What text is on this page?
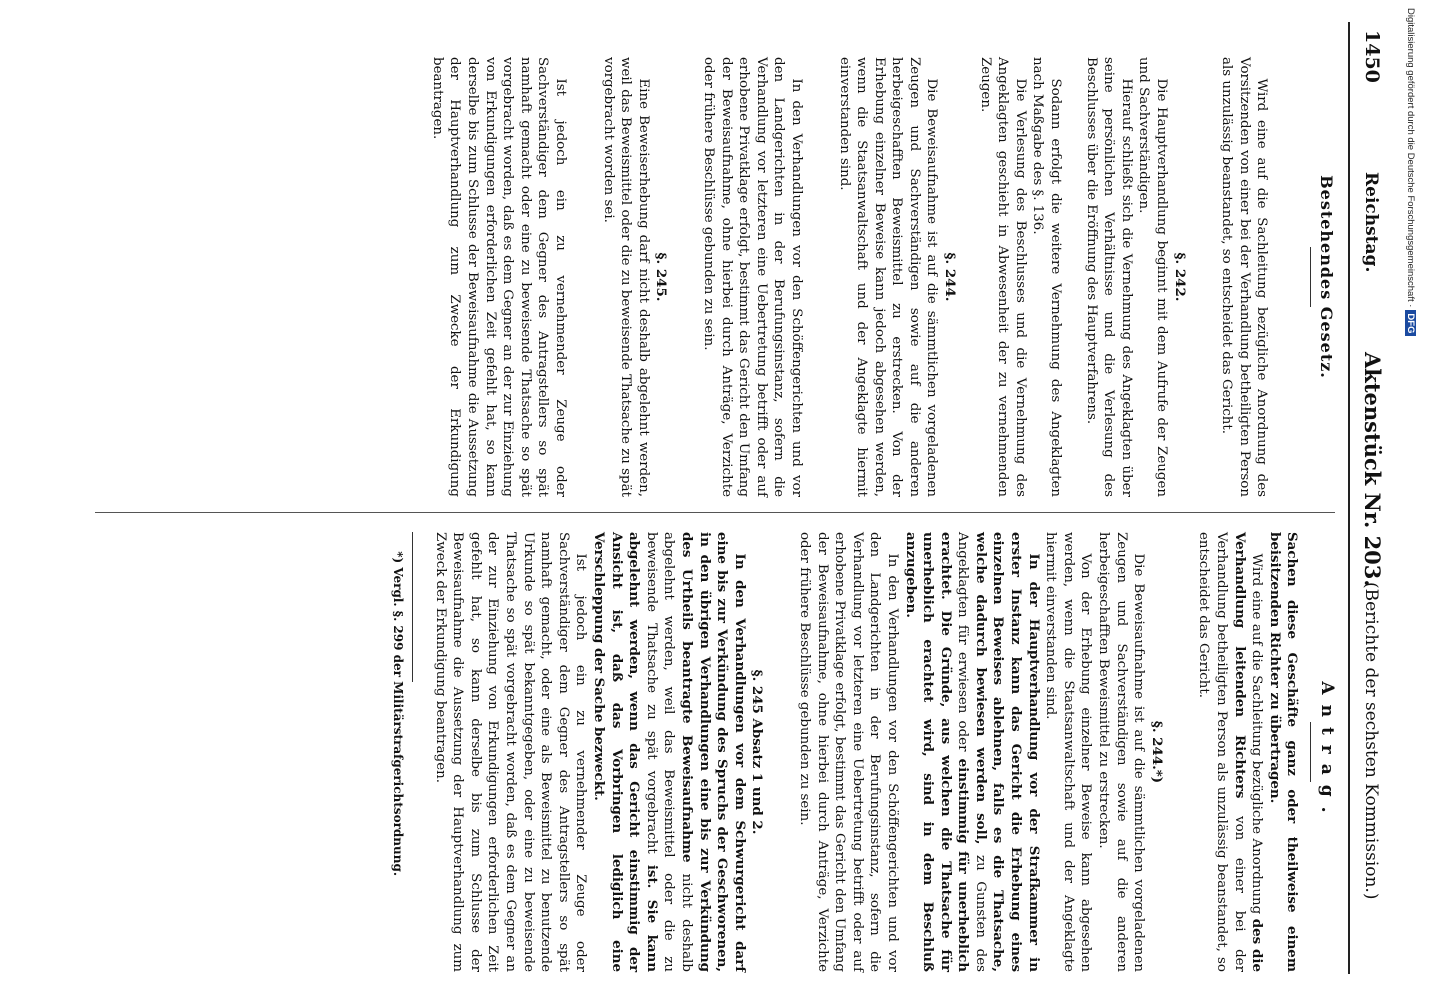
1450
Reichstag.
Aktenstück Nr. 203.
(Berichte der sechsten Kommission.)
Bestehendes Gesetz.
Wird eine auf die Sachleitung bezügliche Anordnung des Vorsitzenden von einer bei der Verhandlung betheiligten Person als unzulässig beanstandet, so entscheidet das Gericht.
§. 242.
Die Hauptverhandlung beginnt mit dem Aufrufe der Zeugen und Sachverständigen.
Hierauf schließt sich die Vernehmung des Angeklagten über seine persönlichen Verhältnisse und die Verlesung des Beschlusses über die Eröffnung des Hauptverfahrens.
Sodann erfolgt die weitere Vernehmung des Angeklagten nach Maßgabe des §. 136.
Die Verlesung des Beschlusses und die Vernehmung des Angeklagten geschieht in Abwesenheit der zu vernehmenden Zeugen.
§. 244.
Die Beweisaufnahme ist auf die sämmtlichen vorgeladenen Zeugen und Sachverständigen sowie auf die anderen herbeigeschafften Beweismittel zu erstrecken. Von der Erhebung einzelner Beweise kann jedoch abgesehen werden, wenn die Staatsanwaltschaft und der Angeklagte hiermit einverstanden sind.
In den Verhandlungen vor den Schöffengerichten und vor den Landgerichten in der Berufungsinstanz, sofern die Verhandlung vor letzteren eine Uebertretung betrifft oder auf erhobene Privatklage erfolgt, bestimmt das Gericht den Umfang der Beweisaufnahme, ohne hierbei durch Anträge, Verzichte oder frühere Beschlüsse gebunden zu sein.
§. 245.
Eine Beweiserhebung darf nicht deshalb abgelehnt werden, weil das Beweismittel oder die zu beweisende Thatsache zu spät vorgebracht worden sei.
Ist jedoch ein zu vernehmender Zeuge oder Sachverständiger dem Gegner des Antragstellers so spät namhaft gemacht oder eine zu beweisende Thatsache so spät vorgebracht worden, daß es dem Gegner an der zur Einziehung von Erkundigungen erforderlichen Zeit gefehlt hat, so kann derselbe bis zum Schlusse der Beweisaufnahme die Aussetzung der Hauptverhandlung zum Zwecke der Erkundigung beantragen.
Antrag.
Sachen diese Geschäfte ganz oder theilweise einem beisitzenden Richter zu übertragen.
Wird eine auf die Sachleitung bezügliche Anordnung des die Verhandlung leitenden Richters von einer bei der Verhandlung betheiligten Person als unzulässig beanstandet, so entscheidet das Gericht.
§. 244.*)
Die Beweisaufnahme ist auf die sämmtlichen vorgeladenen Zeugen und Sachverständigen sowie auf die anderen herbeigeschafften Beweismittel zu erstrecken.
Von der Erhebung einzelner Beweise kann abgesehen werden, wenn die Staatsanwaltschaft und der Angeklagte hiermit einverstanden sind.
In der Hauptverhandlung vor der Strafkammer in erster Instanz kann das Gericht die Erhebung eines einzelnen Beweises ablehnen, falls es die Thatsache, welche dadurch bewiesen werden soll, zu Gunsten des Angeklagten für erwiesen oder einstimmig für unerheblich erachtet. Die Gründe, aus welchen die Thatsache für unerheblich erachtet wird, sind in dem Beschluß anzugeben.
In den Verhandlungen vor den Schöffengerichten und vor den Landgerichten in der Berufungsinstanz, sofern die Verhandlung vor letzteren eine Uebertretung betrifft oder auf erhobene Privatklage erfolgt, bestimmt das Gericht den Umfang der Beweisaufnahme, ohne hierbei durch Anträge, Verzichte oder frühere Beschlüsse gebunden zu sein.
§. 245 Absatz 1 und 2.
In den Verhandlungen vor dem Schwurgericht darf eine bis zur Verkündung des Spruchs der Geschworenen, in den übrigen Verhandlungen eine bis zur Verkündung des Urtheils beantragte Beweisaufnahme nicht deshalb abgelehnt werden, weil das Beweismittel oder die zu beweisende Thatsache zu spät vorgebracht ist. Sie kann abgelehnt werden, wenn das Gericht einstimmig der Ansicht ist, daß das Vorbringen lediglich eine Verschleppung der Sache bezweckt.
Ist jedoch ein zu vernehmender Zeuge oder Sachverständiger dem Gegner des Antragstellers so spät namhaft gemacht, oder eine als Beweismittel zu benutzende Urkunde so spät bekanntgegeben, oder eine zu beweisende Thatsache so spät vorgebracht worden, daß es dem Gegner an der zur Einziehung von Erkundigungen erforderlichen Zeit gefehlt hat, so kann derselbe bis zum Schlusse der Beweisaufnahme die Aussetzung der Hauptverhandlung zum Zweck der Erkundigung beantragen.
*) Vergl. §. 299 der Militärstrafgerichtsordnung.
Digitalisierung gefördert durch die Deutsche Forschungsgemeinschaft ·DFG
